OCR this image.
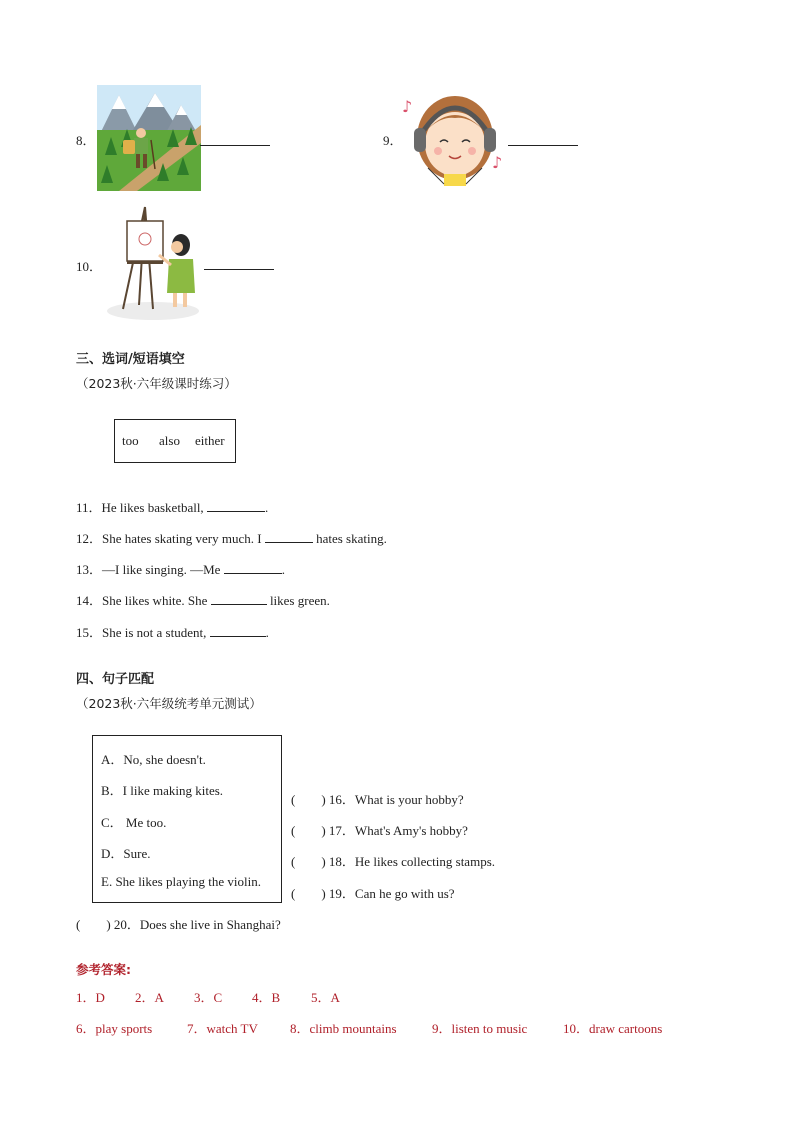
8．	9．
♪
♪
10．
三、选词/短语填空
（2023秋·六年级课时练习）
too also either
11．He likes basketball,	.
12．She hates skating very much. I	hates skating.
13．—I like singing. —Me	.
14．She likes white. She	likes green.
15．She is not a student,	.
四、句子匹配
（2023秋·六年级统考单元测试）
A．No, she doesn't.
B．I like making kites.
C． Me too.
D．Sure.
E. She likes playing the violin.
(        ) 16．What is your hobby?
(        ) 17．What's Amy's hobby?
(        ) 18．He likes collecting stamps.
(        ) 19．Can he go with us?
(        ) 20．Does she live in Shanghai?
参考答案:
1．D 2．A 3．C 4．B 5．A
6．play sports	7．watch TV 8．climb mountains	9．listen to music	10．draw cartoons
